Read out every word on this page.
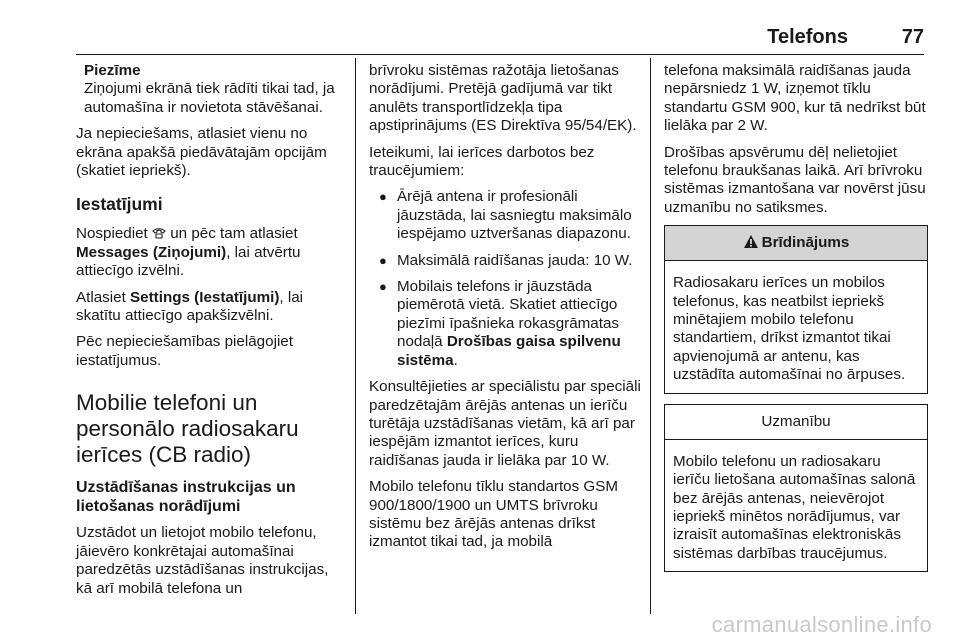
Telefons	77
Piezīme
Ziņojumi ekrānā tiek rādīti tikai tad, ja automašīna ir novietota stāvēšanai.

Ja nepieciešams, atlasiet vienu no ekrāna apakšā piedāvātajām opcijām (skatiet iepriekš).

Iestatījumi

Nospiediet un pēc tam atlasiet Messages (Ziņojumi), lai atvērtu attiecīgo izvēlni.

Atlasiet Settings (Iestatījumi), lai skatītu attiecīgo apakšizvēlni.

Pēc nepieciešamības pielāgojiet iestatījumus.

Mobilie telefoni un personālo radiosakaru ierīces (CB radio)
Uzstādīšanas instrukcijas un lietošanas norādījumi

Uzstādot un lietojot mobilo telefonu, jāievēro konkrētajai automašīnai paredzētās uzstādīšanas instrukcijas, kā arī mobilā telefona un

brīvroku sistēmas ražotāja lietošanas norādījumi. Pretējā gadījumā var tikt anulēts transportlīdzekļa tipa apstiprinājums (ES Direktīva 95/54/EK).

Ieteikumi, lai ierīces darbotos bez traucējumiem:

● Ārējā antena ir profesionāli jāuzstāda, lai sasniegtu maksimālo iespējamo uztveršanas diapazonu.
● Maksimālā raidīšanas jauda: 10 W.
● Mobilais telefons ir jāuzstāda piemērotā vietā. Skatiet attiecīgo piezīmi īpašnieka rokasgrāmatas nodaļā Drošības gaisa spilvenu sistēma.

Konsultējieties ar speciālistu par speciāli paredzētajām ārējās antenas un ierīču turētāja uzstādīšanas vietām, kā arī par iespējām izmantot ierīces, kuru raidīšanas jauda ir lielāka par 10 W.

Mobilo telefonu tīklu standartos GSM 900/1800/1900 un UMTS brīvroku sistēmu bez ārējās antenas drīkst izmantot tikai tad, ja mobilā

telefona maksimālā raidīšanas jauda nepārsniedz 1 W, izņemot tīklu standartu GSM 900, kur tā nedrīkst būt lielāka par 2 W.

Drošības apsvērumu dēļ nelietojiet telefonu braukšanas laikā. Arī brīvroku sistēmas izmantošana var novērst jūsu uzmanību no satiksmes.

Brīdinājums
Radiosakaru ierīces un mobilos telefonus, kas neatbilst iepriekš minētajiem mobilo telefonu standartiem, drīkst izmantot tikai apvienojumā ar antenu, kas uzstādīta automašīnai no ārpuses.
Uzmanību
Mobilo telefonu un radiosakaru ierīču lietošana automašīnas salonā bez ārējās antenas, neievērojot iepriekš minētos norādījumus, var izraisīt automašīnas elektroniskās sistēmas darbības traucējumus.
carmanualsonline.info
